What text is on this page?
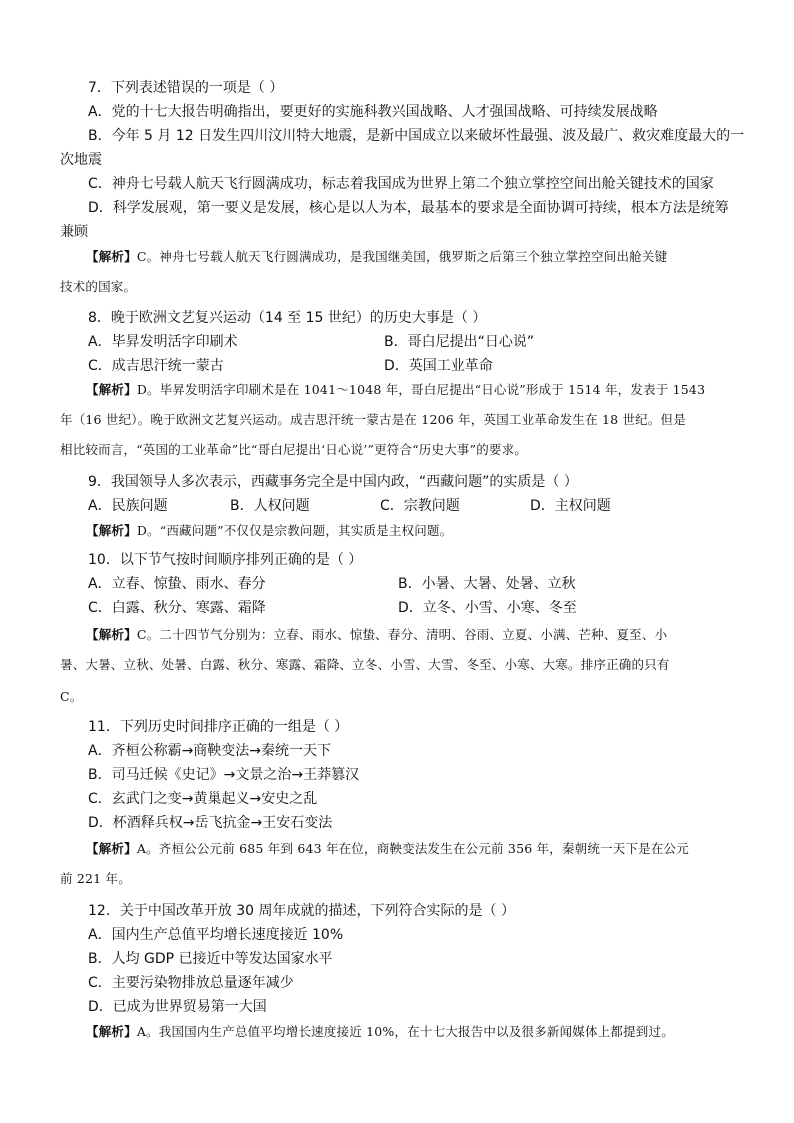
7．下列表述错误的一项是（ ）
A．党的十七大报告明确指出，要更好的实施科教兴国战略、人才强国战略、可持续发展战略
B．今年 5 月 12 日发生四川汶川特大地震，是新中国成立以来破坏性最强、波及最广、救灾难度最大的一
次地震
C．神舟七号载人航天飞行圆满成功，标志着我国成为世界上第二个独立掌控空间出舱关键技术的国家
D．科学发展观，第一要义是发展，核心是以人为本，最基本的要求是全面协调可持续，根本方法是统筹
兼顾
【解析】C。神舟七号载人航天飞行圆满成功，是我国继美国，俄罗斯之后第三个独立掌控空间出舱关键
技术的国家。
8．晚于欧洲文艺复兴运动（14 至 15 世纪）的历史大事是（ ）
A．毕昇发明活字印刷术	B．哥白尼提出“日心说”
C．成吉思汗统一蒙古	D．英国工业革命
【解析】D。毕昇发明活字印刷术是在 1041～1048 年，哥白尼提出“日心说”形成于 1514 年，发表于 1543
年（16 世纪）。晚于欧洲文艺复兴运动。成吉思汗统一蒙古是在 1206 年，英国工业革命发生在 18 世纪。但是
相比较而言，“英国的工业革命”比“哥白尼提出‘日心说’”更符合“历史大事”的要求。
9．我国领导人多次表示，西藏事务完全是中国内政，“西藏问题”的实质是（ ）
A．民族问题	B．人权问题	C．宗教问题	D．主权问题
【解析】D。“西藏问题”不仅仅是宗教问题，其实质是主权问题。
10．以下节气按时间顺序排列正确的是（ ）
A．立春、惊蛰、雨水、春分	B．小暑、大暑、处暑、立秋
C．白露、秋分、寒露、霜降	D．立冬、小雪、小寒、冬至
【解析】C。二十四节气分别为：立春、雨水、惊蛰、春分、清明、谷雨、立夏、小满、芒种、夏至、小
暑、大暑、立秋、处暑、白露、秋分、寒露、霜降、立冬、小雪、大雪、冬至、小寒、大寒。排序正确的只有
C。
11．下列历史时间排序正确的一组是（ ）
A．齐桓公称霸→商鞅变法→秦统一天下
B．司马迁候《史记》→文景之治→王莽篡汉
C．玄武门之变→黄巢起义→安史之乱
D．杯酒释兵权→岳飞抗金→王安石变法
【解析】A。齐桓公公元前 685 年到 643 年在位，商鞅变法发生在公元前 356 年，秦朝统一天下是在公元
前 221 年。
12．关于中国改革开放 30 周年成就的描述，下列符合实际的是（ ）
A．国内生产总值平均增长速度接近 10%
B．人均 GDP 已接近中等发达国家水平
C．主要污染物排放总量逐年减少
D．已成为世界贸易第一大国
【解析】A。我国国内生产总值平均增长速度接近 10%，在十七大报告中以及很多新闻媒体上都提到过。
